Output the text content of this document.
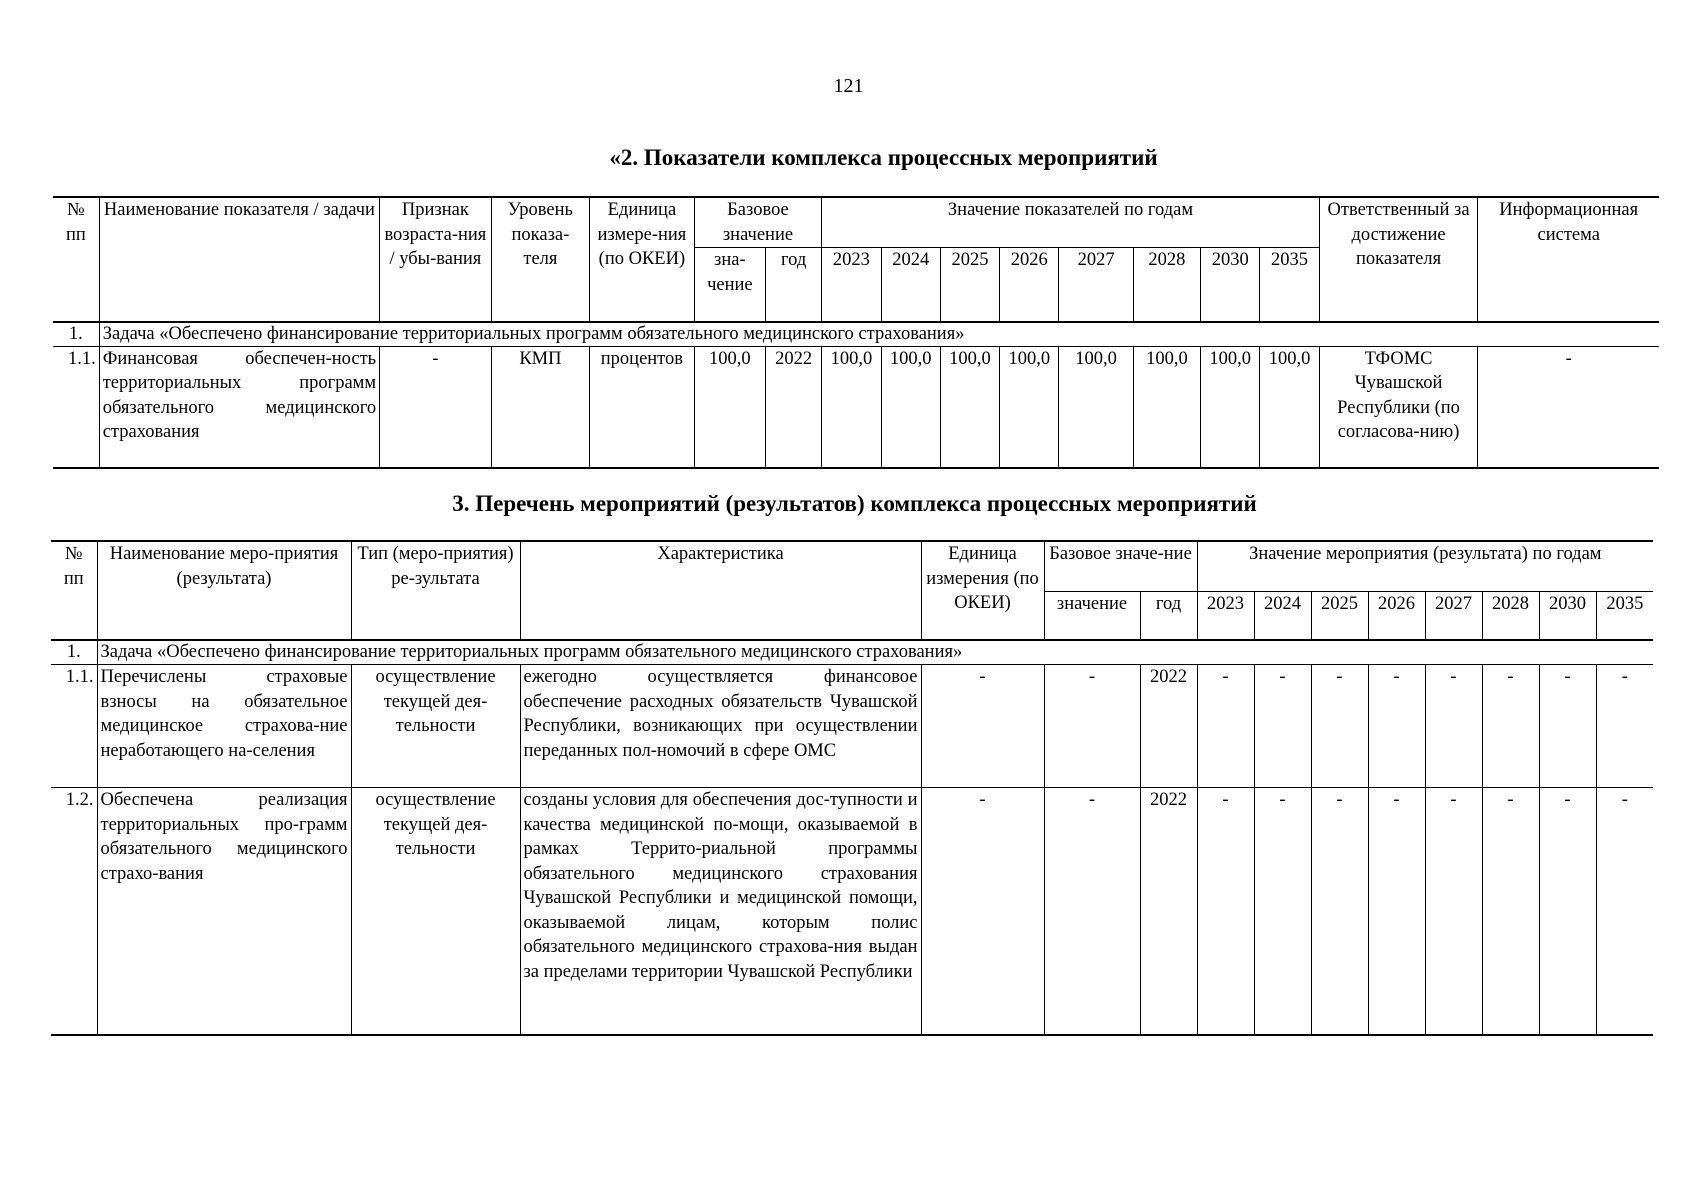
121
«2. Показатели комплекса процессных мероприятий
№ пп	Наименование показателя / задачи	Признак возраста-ния / убы-вания	Уровень показа-теля	Единица измере-ния (по ОКЕИ)	Базовое значение		Значение показателей по годам								Ответственный за достижение показателя	Информационная система
					зна-чение	год	2023	2024	2025	2026	2027	2028	2030	2035		
1.	Задача «Обеспечено финансирование территориальных программ обязательного медицинского страхования»															
1.1.	Финансовая обеспечен-ность территориальных программ обязательного медицинского страхования	-	КМП	процентов	100,0	2022	100,0	100,0	100,0	100,0	100,0	100,0	100,0	100,0	ТФОМС Чувашской Республики (по согласова-нию)	-
3. Перечень мероприятий (результатов) комплекса процессных мероприятий
№ пп	Наименование меро-приятия (результата)	Тип (меро-приятия) ре-зультата	Характеристика	Единица измерения (по ОКЕИ)	Базовое значе-ние		Значение мероприятия (результата) по годам							
					значение	год	2023	2024	2025	2026	2027	2028	2030	2035
1.	Задача «Обеспечено финансирование территориальных программ обязательного медицинского страхования»													
1.1.	Перечислены страховые взносы на обязательное медицинское страхова-ние неработающего на-селения	осуществление текущей дея-тельности	ежегодно осуществляется финансовое обеспечение расходных обязательств Чувашской Республики, возникающих при осуществлении переданных пол-номочий в сфере ОМС	-	-	2022	-	-	-	-	-	-	-	-
1.2.	Обеспечена реализация территориальных про-грамм обязательного медицинского страхо-вания	осуществление текущей дея-тельности	созданы условия для обеспечения дос-тупности и качества медицинской по-мощи, оказываемой в рамках Террито-риальной программы обязательного медицинского страхования Чувашской Республики и медицинской помощи, оказываемой лицам, которым полис обязательного медицинского страхова-ния выдан за пределами территории Чувашской Республики	-	-	2022	-	-	-	-	-	-	-	-
